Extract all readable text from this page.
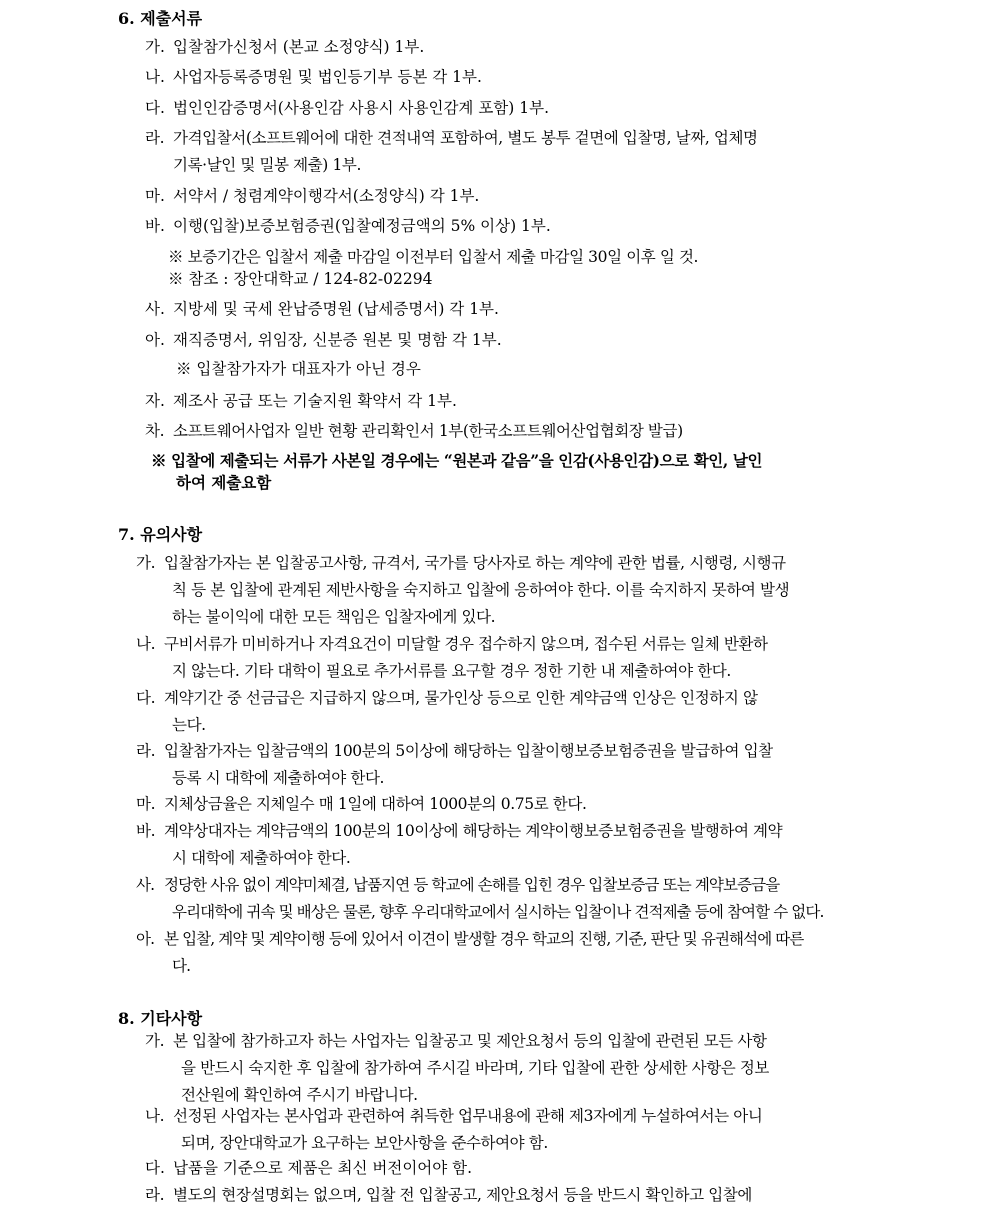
6. 제출서류
가. 입찰참가신청서 (본교 소정양식) 1부.
나. 사업자등록증명원 및 법인등기부 등본 각 1부.
다. 법인인감증명서(사용인감 사용시 사용인감계 포함) 1부.
라. 가격입찰서(소프트웨어에 대한 견적내역 포함하여, 별도 봉투 겉면에 입찰명, 날짜, 업체명
기록·날인 및 밀봉 제출) 1부.
마. 서약서 / 청렴계약이행각서(소정양식) 각 1부.
바. 이행(입찰)보증보험증권(입찰예정금액의 5% 이상) 1부.
※ 보증기간은 입찰서 제출 마감일 이전부터 입찰서 제출 마감일 30일 이후 일 것.
※ 참조 : 장안대학교 / 124-82-02294
사. 지방세 및 국세 완납증명원 (납세증명서) 각 1부.
아. 재직증명서, 위임장, 신분증 원본 및 명함 각 1부.
※ 입찰참가자가 대표자가 아닌 경우
자. 제조사 공급 또는 기술지원 확약서 각 1부.
차. 소프트웨어사업자 일반 현황 관리확인서 1부(한국소프트웨어산업협회장 발급)
※ 입찰에 제출되는 서류가 사본일 경우에는 “원본과 같음”을 인감(사용인감)으로 확인, 날인
하여 제출요함
7. 유의사항
가. 입찰참가자는 본 입찰공고사항, 규격서, 국가를 당사자로 하는 계약에 관한 법률, 시행령, 시행규
칙 등 본 입찰에 관계된 제반사항을 숙지하고 입찰에 응하여야 한다. 이를 숙지하지 못하여 발생
하는 불이익에 대한 모든 책임은 입찰자에게 있다.
나. 구비서류가 미비하거나 자격요건이 미달할 경우 접수하지 않으며, 접수된 서류는 일체 반환하
지 않는다. 기타 대학이 필요로 추가서류를 요구할 경우 정한 기한 내 제출하여야 한다.
다. 계약기간 중 선금급은 지급하지 않으며, 물가인상 등으로 인한 계약금액 인상은 인정하지 않
는다.
라. 입찰참가자는 입찰금액의 100분의 5이상에 해당하는 입찰이행보증보험증권을 발급하여 입찰
등록 시 대학에 제출하여야 한다.
마. 지체상금율은 지체일수 매 1일에 대하여 1000분의 0.75로 한다.
바. 계약상대자는 계약금액의 100분의 10이상에 해당하는 계약이행보증보험증권을 발행하여 계약
시 대학에 제출하여야 한다.
사. 정당한 사유 없이 계약미체결, 납품지연 등 학교에 손해를 입힌 경우 입찰보증금 또는 계약보증금을
우리대학에 귀속 및 배상은 물론, 향후 우리대학교에서 실시하는 입찰이나 견적제출 등에 참여할 수 없다.
아. 본 입찰, 계약 및 계약이행 등에 있어서 이견이 발생할 경우 학교의 진행, 기준, 판단 및 유권해석에 따른
다.
8. 기타사항
가. 본 입찰에 참가하고자 하는 사업자는 입찰공고 및 제안요청서 등의 입찰에 관련된 모든 사항
을 반드시 숙지한 후 입찰에 참가하여 주시길 바라며, 기타 입찰에 관한 상세한 사항은 정보
전산원에 확인하여 주시기 바랍니다.
나. 선정된 사업자는 본사업과 관련하여 취득한 업무내용에 관해 제3자에게 누설하여서는 아니
되며, 장안대학교가 요구하는 보안사항을 준수하여야 함.
다. 납품을 기준으로 제품은 최신 버전이어야 함.
라. 별도의 현장설명회는 없으며, 입찰 전 입찰공고, 제안요청서 등을 반드시 확인하고 입찰에
